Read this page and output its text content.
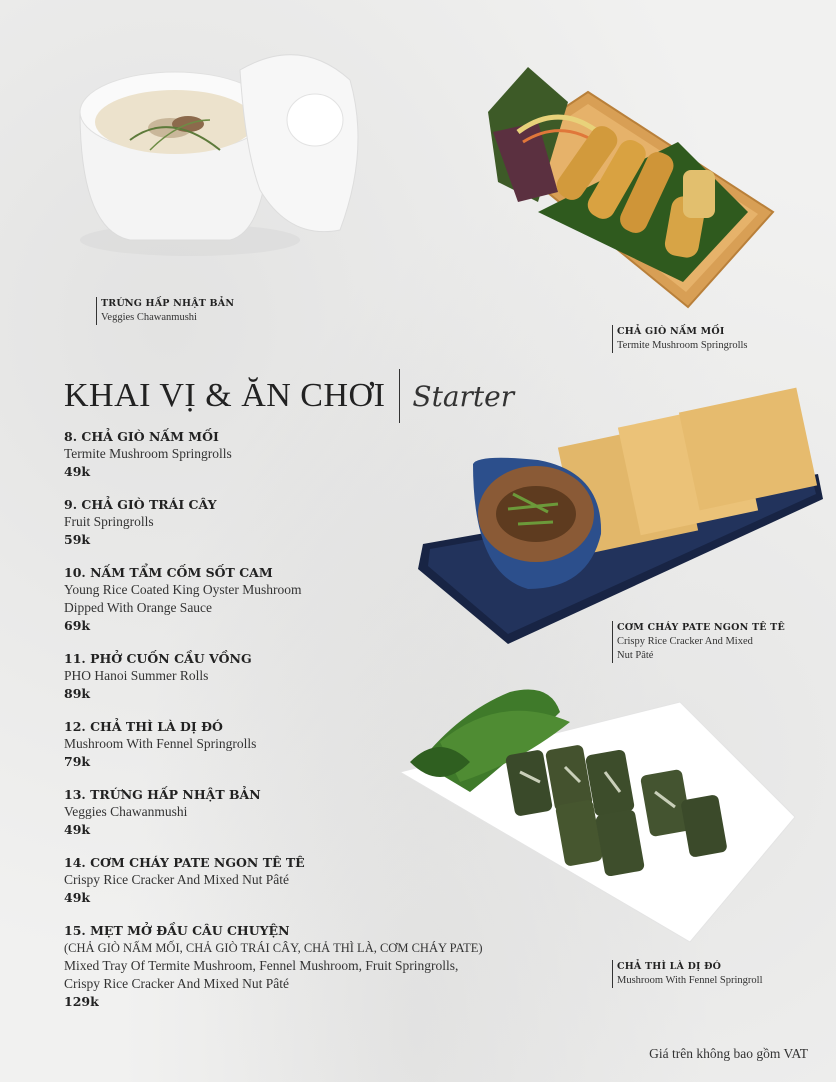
TRỨNG HẤP NHẬT BẢN
Veggies Chawanmushi
CHẢ GIÒ NẤM MỐI
Termite Mushroom Springrolls
CƠM CHÁY PATE NGON TÊ TÊ
Crispy Rice Cracker And Mixed
Nut Pâté
CHẢ THÌ LÀ DỊ ĐÓ
Mushroom With Fennel Springroll
KHAI VỊ & ĂN CHƠI Starter
8. CHẢ GIÒ NẤM MỐI
Termite Mushroom Springrolls
49k
9. CHẢ GIÒ TRÁI CÂY
Fruit Springrolls
59k
10. NẤM TẨM CỐM SỐT CAM
Young Rice Coated King Oyster Mushroom
Dipped With Orange Sauce
69k
11. PHỞ CUỐN CẦU VỒNG
PHO Hanoi Summer Rolls
89k
12. CHẢ THÌ LÀ DỊ ĐÓ
Mushroom With Fennel Springrolls
79k
13. TRỨNG HẤP NHẬT BẢN
Veggies Chawanmushi
49k
14. CƠM CHÁY PATE NGON TÊ TÊ
Crispy Rice Cracker And Mixed Nut Pâté
49k
15. MẸT MỞ ĐẦU CÂU CHUYỆN
(CHẢ GIÒ NẤM MỐI, CHẢ GIÒ TRÁI CÂY, CHẢ THÌ LÀ, CƠM CHÁY PATE)
Mixed Tray Of Termite Mushroom, Fennel Mushroom, Fruit Springrolls,
Crispy Rice Cracker And Mixed Nut Pâté
129k
Giá trên không bao gồm VAT
